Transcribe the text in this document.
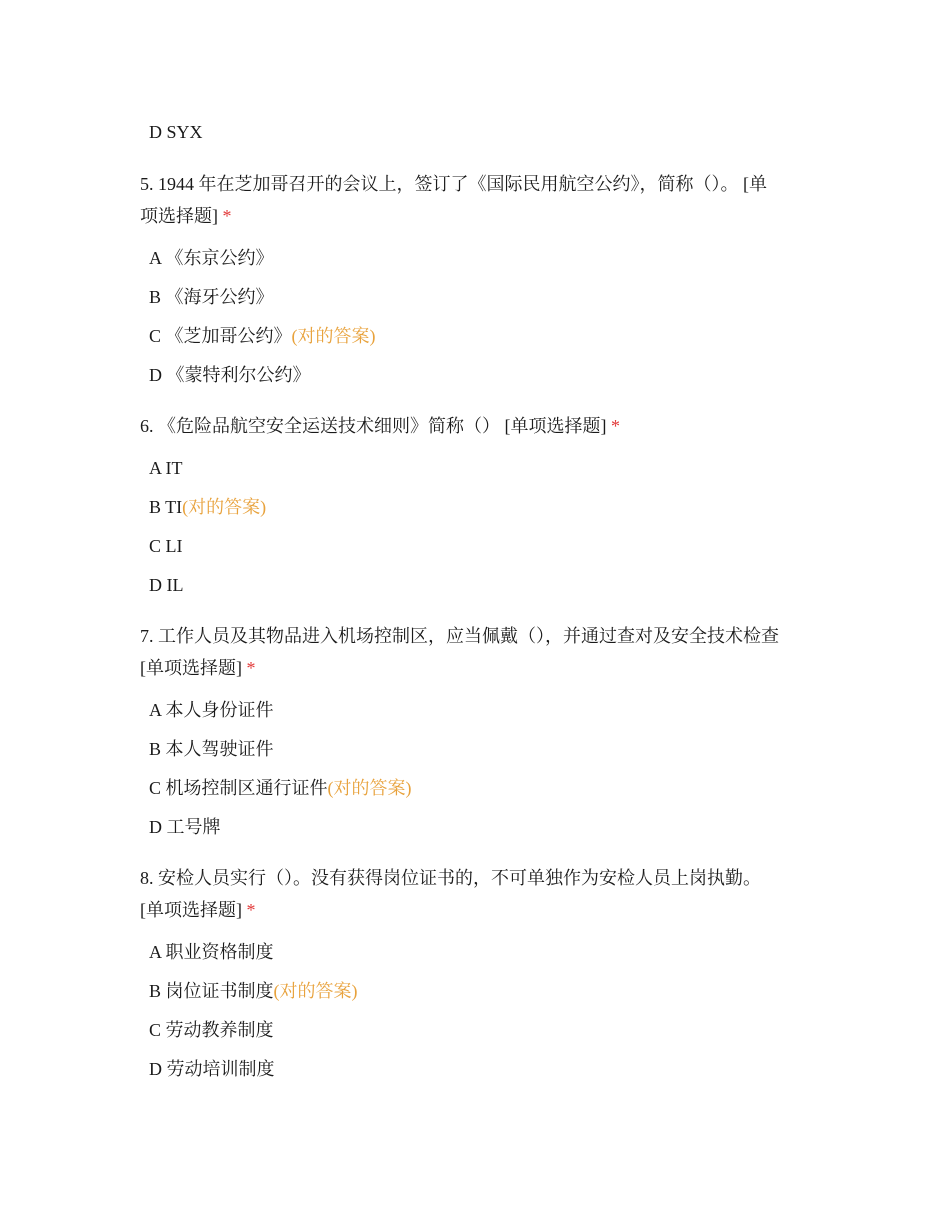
D SYX
5. 1944 年在芝加哥召开的会议上，签订了《国际民用航空公约》，简称（）。 [单
项选择题] *
A 《东京公约》
B 《海牙公约》
C 《芝加哥公约》(对的答案)
D 《蒙特利尔公约》
6. 《危险品航空安全运送技术细则》简称（） [单项选择题] *
A IT
B TI(对的答案)
C LI
D IL
7. 工作人员及其物品进入机场控制区，应当佩戴（），并通过查对及安全技术检查
[单项选择题] *
A 本人身份证件
B 本人驾驶证件
C 机场控制区通行证件(对的答案)
D 工号牌
8. 安检人员实行（）。没有获得岗位证书的，不可单独作为安检人员上岗执勤。
[单项选择题] *
A 职业资格制度
B 岗位证书制度(对的答案)
C 劳动教养制度
D 劳动培训制度
